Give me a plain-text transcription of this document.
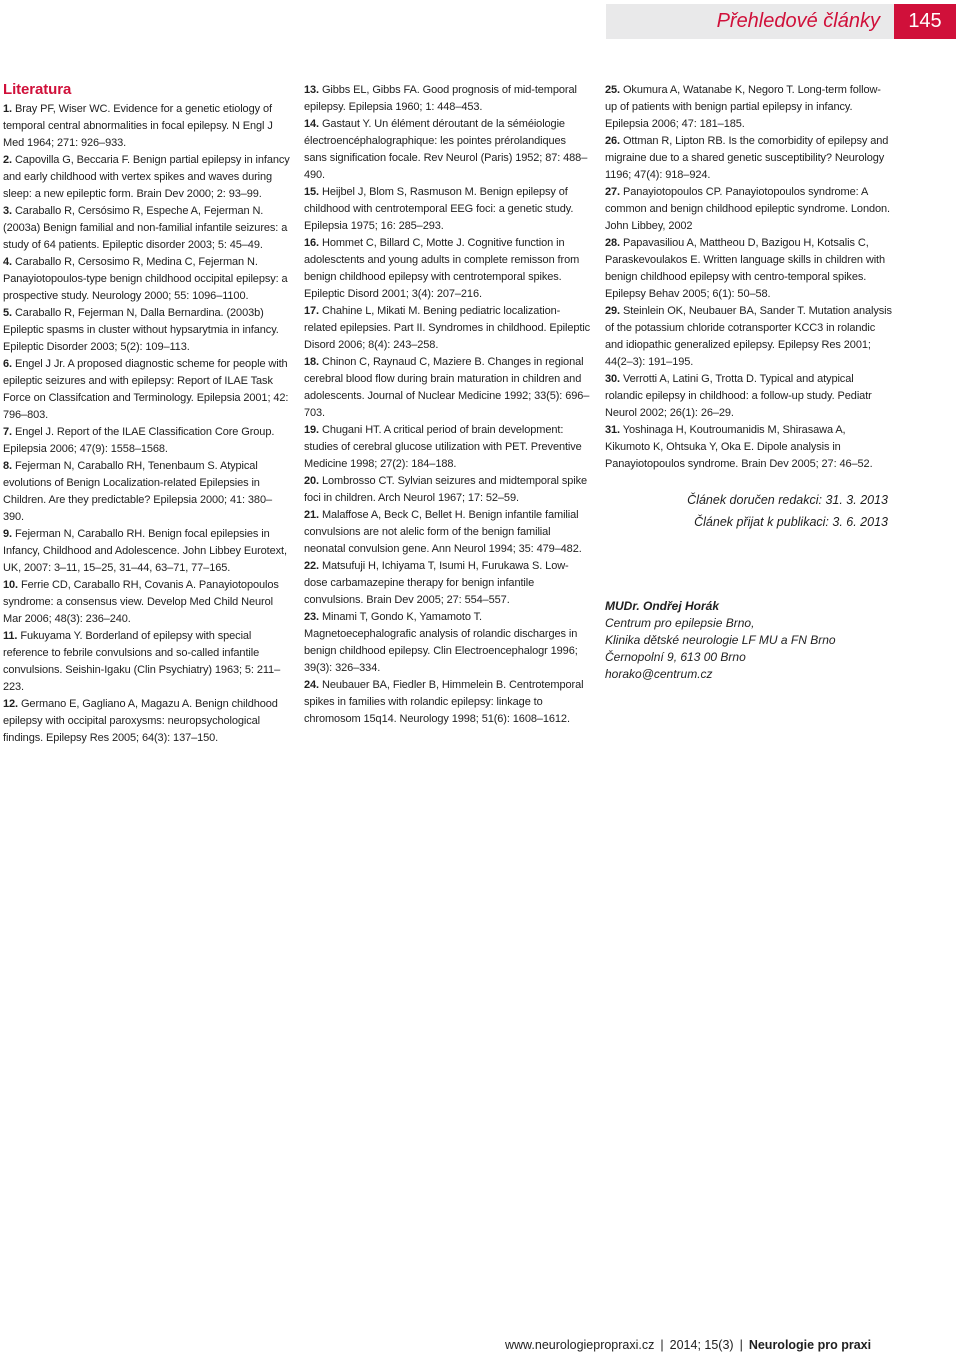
Přehledové články	145
Literatura

1. Bray PF, Wiser WC. Evidence for a genetic etiology of temporal central abnormalities in focal epilepsy. N Engl J Med 1964; 271: 926–933.

2. Capovilla G, Beccaria F. Benign partial epilepsy in infancy and early childhood with vertex spikes and waves during sleep: a new epileptic form. Brain Dev 2000; 2: 93–99.

3. Caraballo R, Cersósimo R, Espeche A, Fejerman N. (2003a) Benign familial and non-familial infantile seizures: a study of 64 patients. Epileptic disorder 2003; 5: 45–49.

4. Caraballo R, Cersosimo R, Medina C, Fejerman N. Panayiotopoulos-type benign childhood occipital epilepsy: a prospective study. Neurology 2000; 55: 1096–1100.

5. Caraballo R, Fejerman N, Dalla Bernardina. (2003b) Epileptic spasms in cluster without hypsarytmia in infancy. Epileptic Disorder 2003; 5(2): 109–113.

6. Engel J Jr. A proposed diagnostic scheme for people with epileptic seizures and with epilepsy: Report of ILAE Task Force on Classifcation and Terminology. Epilepsia 2001; 42: 796–803.

7. Engel J. Report of the ILAE Classification Core Group. Epilepsia 2006; 47(9): 1558–1568.

8. Fejerman N, Caraballo RH, Tenenbaum S. Atypical evolutions of Benign Localization-related Epilepsies in Children. Are they predictable? Epilepsia 2000; 41: 380–390.

9. Fejerman N, Caraballo RH. Benign focal epilepsies in Infancy, Childhood and Adolescence. John Libbey Eurotext, UK, 2007: 3–11, 15–25, 31–44, 63–71, 77–165.

10. Ferrie CD, Caraballo RH, Covanis A. Panayiotopoulos syndrome: a consensus view. Develop Med Child Neurol Mar 2006; 48(3): 236–240.

11. Fukuyama Y. Borderland of epilepsy with special reference to febrile convulsions and so-called infantile convulsions. Seishin-Igaku (Clin Psychiatry) 1963; 5: 211–223.

12. Germano E, Gagliano A, Magazu A. Benign childhood epilepsy with occipital paroxysms: neuropsychological findings. Epilepsy Res 2005; 64(3): 137–150.

13. Gibbs EL, Gibbs FA. Good prognosis of mid-temporal epilepsy. Epilepsia 1960; 1: 448–453.

14. Gastaut Y. Un élément déroutant de la séméiologie électroencéphalographique: les pointes prérolandiques sans signification focale. Rev Neurol (Paris) 1952; 87: 488–490.

15. Heijbel J, Blom S, Rasmuson M. Benign epilepsy of childhood with centrotemporal EEG foci: a genetic study. Epilepsia 1975; 16: 285–293.

16. Hommet C, Billard C, Motte J. Cognitive function in adolesctents and young adults in complete remisson from benign childhood epilepsy with centrotemporal spikes. Epileptic Disord 2001; 3(4): 207–216.

17. Chahine L, Mikati M. Bening pediatric localization-related epilepsies. Part II. Syndromes in childhood. Epileptic Disord 2006; 8(4): 243–258.

18. Chinon C, Raynaud C, Maziere B. Changes in regional cerebral blood flow during brain maturation in children and adolescents. Journal of Nuclear Medicine 1992; 33(5): 696–703.

19. Chugani HT. A critical period of brain development: studies of cerebral glucose utilization with PET. Preventive Medicine 1998; 27(2): 184–188.

20. Lombrosso CT. Sylvian seizures and midtemporal spike foci in children. Arch Neurol 1967; 17: 52–59.

21. Malaffose A, Beck C, Bellet H. Benign infantile familial convulsions are not alelic form of the benign familial neonatal convulsion gene. Ann Neurol 1994; 35: 479–482.

22. Matsufuji H, Ichiyama T, Isumi H, Furukawa S. Low-dose carbamazepine therapy for benign infantile convulsions. Brain Dev 2005; 27: 554–557.

23. Minami T, Gondo K, Yamamoto T. Magnetoecephalografic analysis of rolandic discharges in benign childhood epilepsy. Clin Electroencephalogr 1996; 39(3): 326–334.

24. Neubauer BA, Fiedler B, Himmelein B. Centrotemporal spikes in families with rolandic epilepsy: linkage to chromosom 15q14. Neurology 1998; 51(6): 1608–1612.

25. Okumura A, Watanabe K, Negoro T. Long-term follow-up of patients with benign partial epilepsy in infancy. Epilepsia 2006; 47: 181–185.

26. Ottman R, Lipton RB. Is the comorbidity of epilepsy and migraine due to a shared genetic susceptibility? Neurology 1196; 47(4): 918–924.

27. Panayiotopoulos CP. Panayiotopoulos syndrome: A common and benign childhood epileptic syndrome. London. John Libbey, 2002

28. Papavasiliou A, Mattheou D, Bazigou H, Kotsalis C, Paraskevoulakos E. Written language skills in children with benign childhood epilepsy with centro-temporal spikes. Epilepsy Behav 2005; 6(1): 50–58.

29. Steinlein OK, Neubauer BA, Sander T. Mutation analysis of the potassium chloride cotransporter KCC3 in rolandic and idiopathic generalized epilepsy. Epilepsy Res 2001; 44(2–3): 191–195.

30. Verrotti A, Latini G, Trotta D. Typical and atypical rolandic epilepsy in childhood: a follow-up study. Pediatr Neurol 2002; 26(1): 26–29.

31. Yoshinaga H, Koutroumanidis M, Shirasawa A, Kikumoto K, Ohtsuka Y, Oka E. Dipole analysis in Panayiotopoulos syndrome. Brain Dev 2005; 27: 46–52.

Článek doručen redakci: 31. 3. 2013
Článek přijat k publikaci: 3. 6. 2013
MUDr. Ondřej Horák
Centrum pro epilepsie Brno,
Klinika dětské neurologie LF MU a FN Brno
Černopolní 9, 613 00 Brno
horako@centrum.cz
www.neurologiepropraxi.cz | 2014; 15(3) | Neurologie pro praxi
